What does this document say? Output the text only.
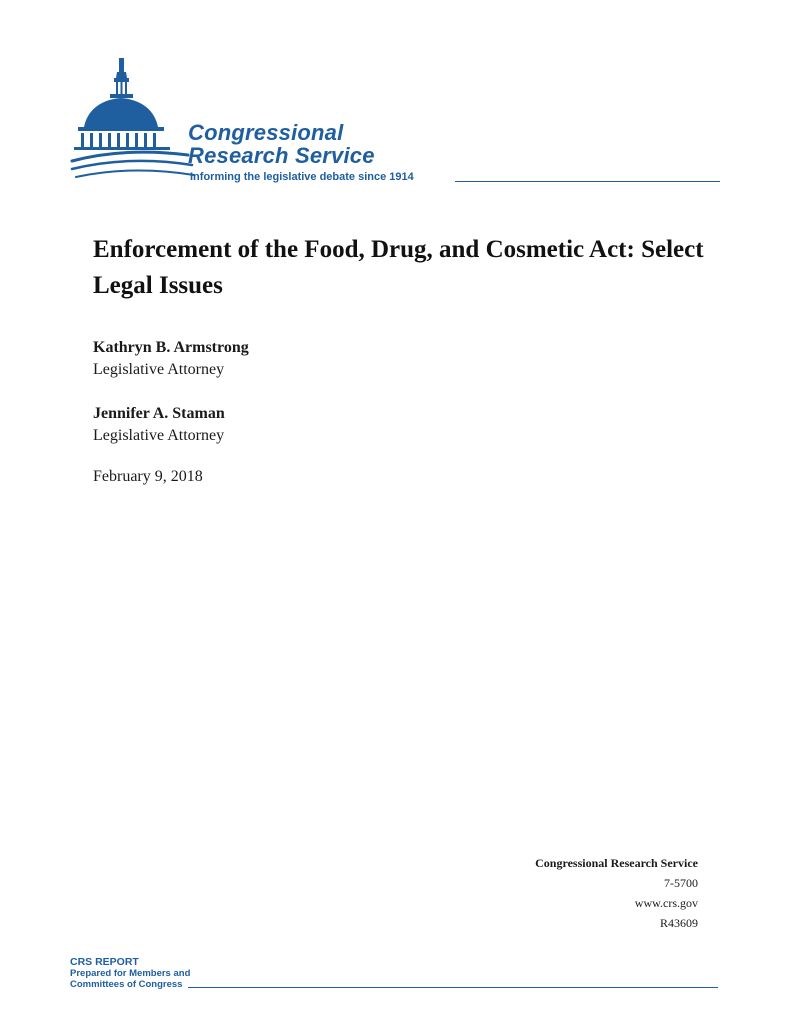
Congressional
Research Service
Informing the legislative debate since 1914
Enforcement of the Food, Drug, and Cosmetic Act: Select Legal Issues
Kathryn B. Armstrong
Legislative Attorney
Jennifer A. Staman
Legislative Attorney
February 9, 2018
Congressional Research Service
7-5700
www.crs.gov
R43609
CRS REPORT
Prepared for Members and
Committees of Congress
